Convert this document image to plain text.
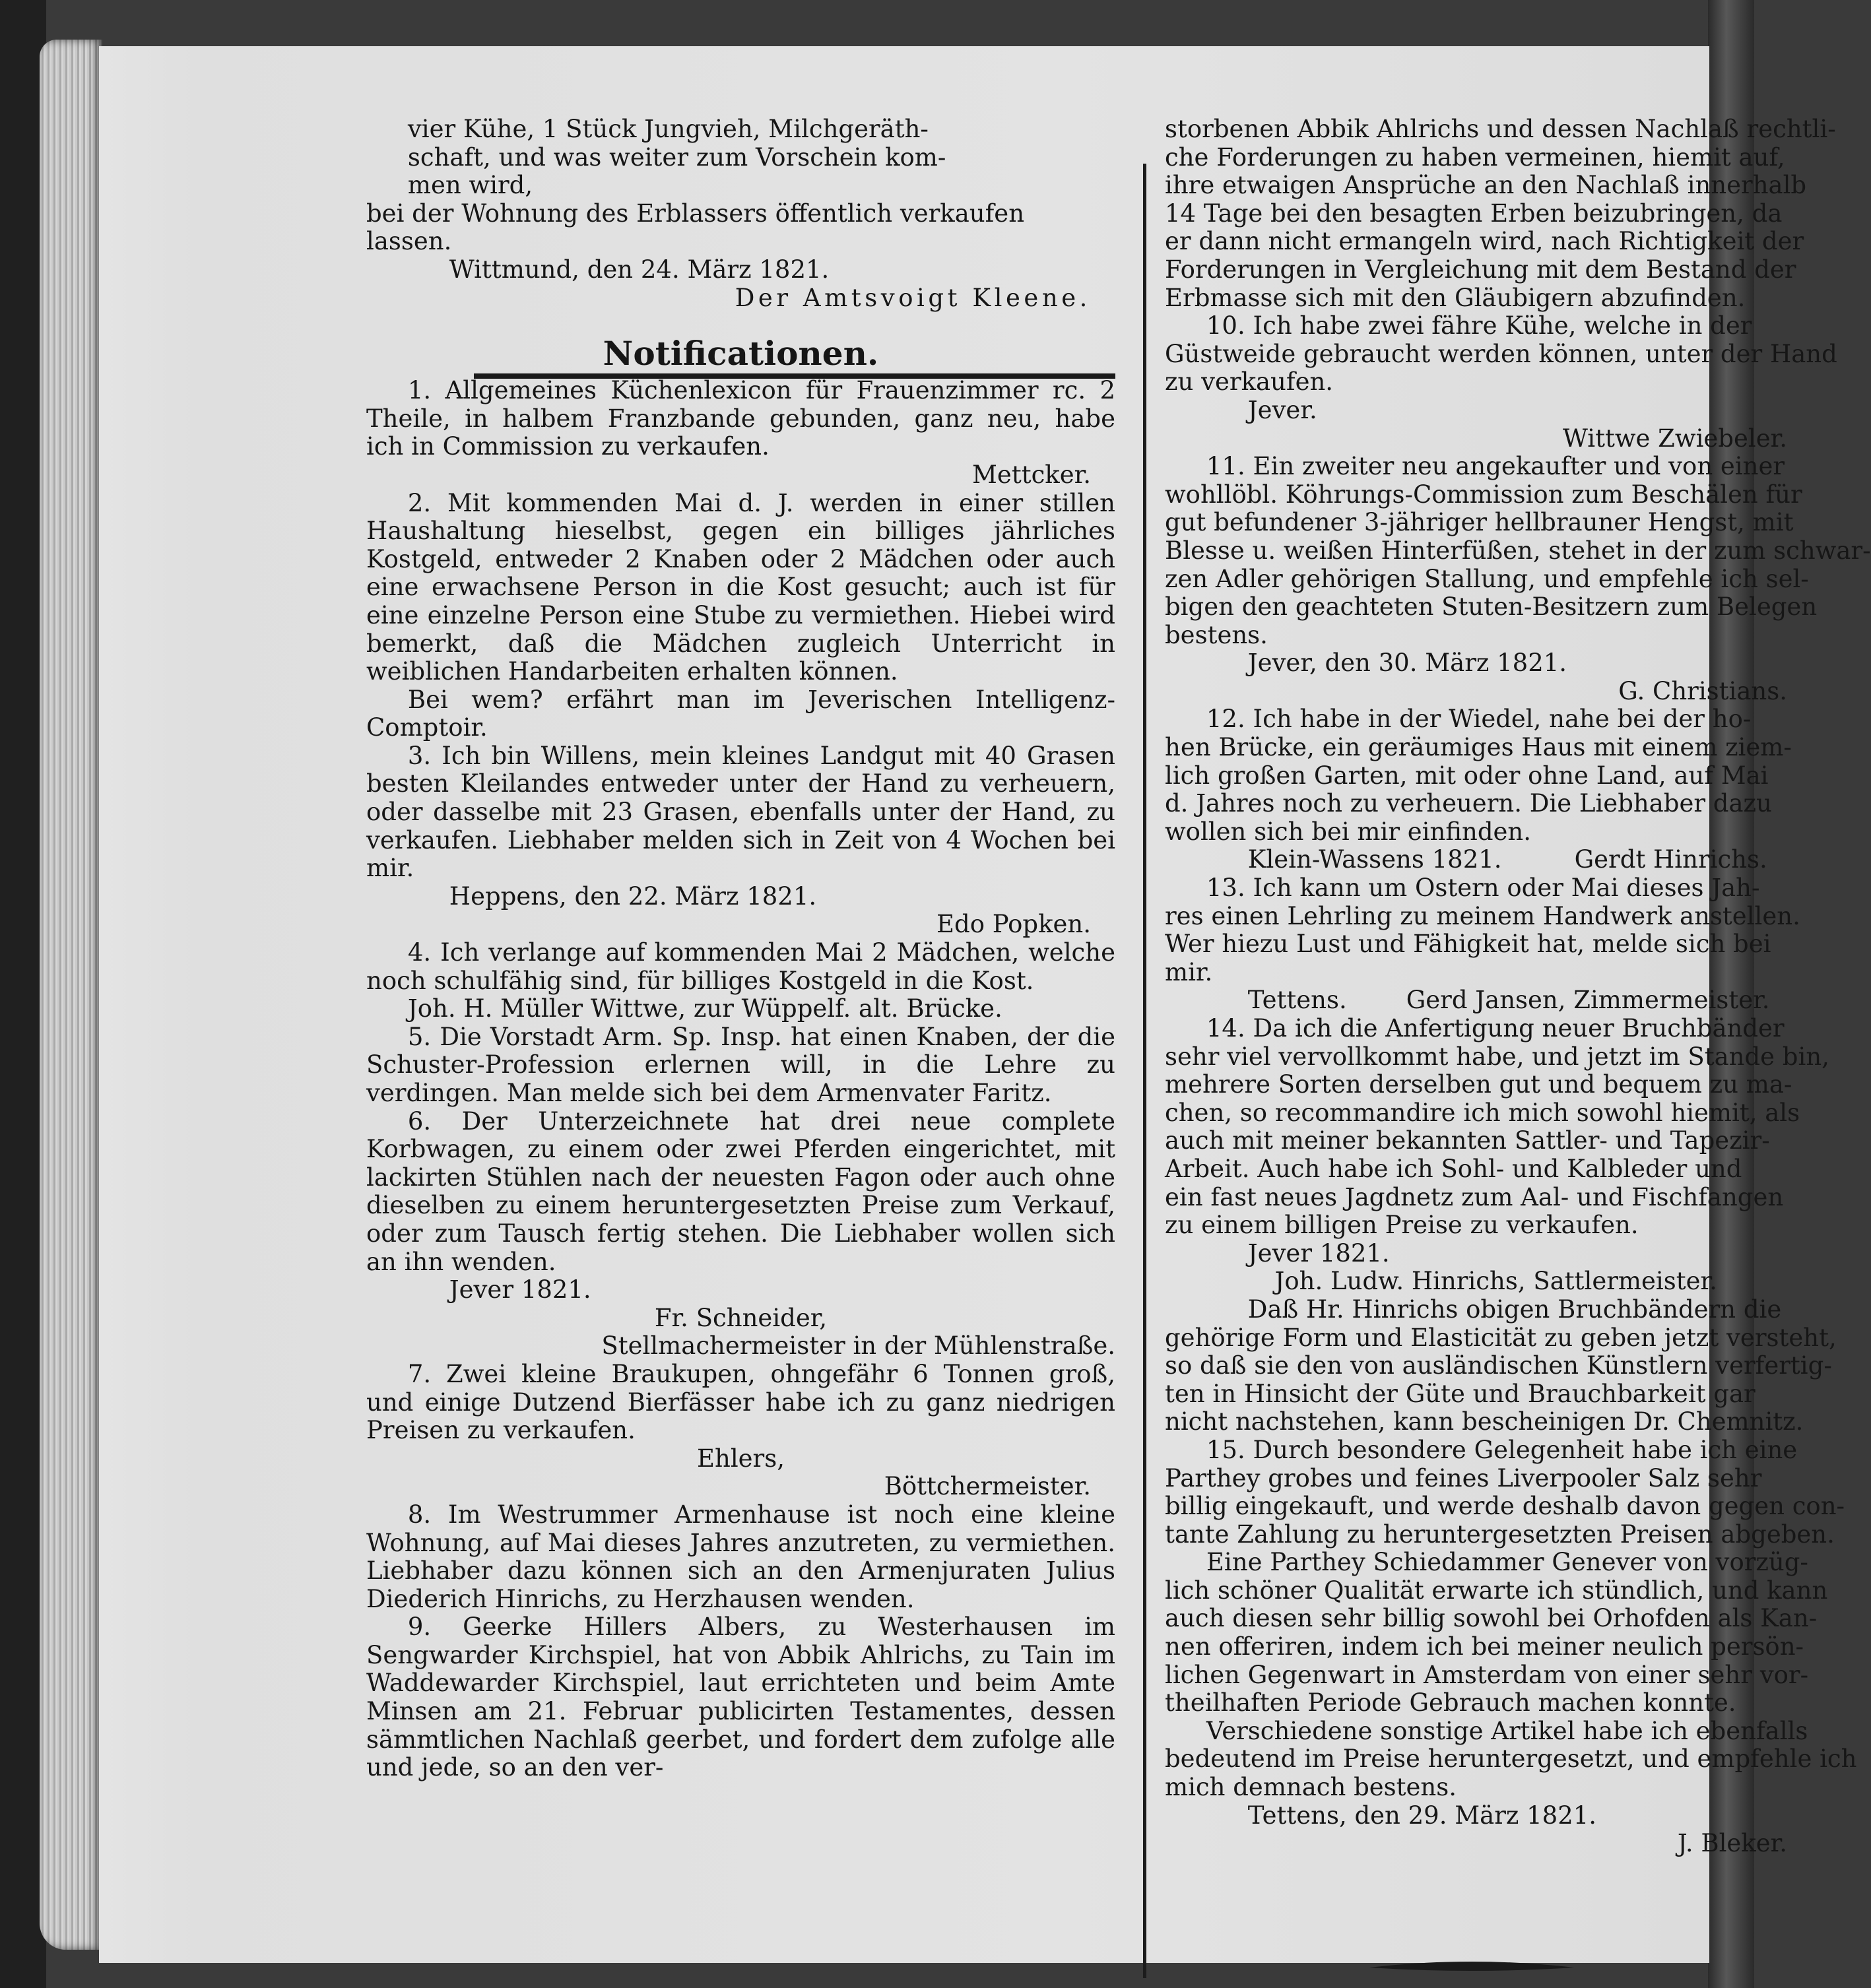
vier Kühe, 1 Stück Jungvieh, Milchgeräth-

schaft, und was weiter zum Vorschein kom-

men wird,

bei der Wohnung des Erblassers öffentlich verkaufen

lassen.

Wittmund, den 24. März 1821.

Der Amtsvoigt Kleene.

Notificationen.

1. Allgemeines Küchenlexicon für Frauenzimmer rc. 2 Theile, in halbem Franzbande gebunden, ganz neu, habe ich in Commission zu verkaufen.

Mettcker.

2. Mit kommenden Mai d. J. werden in einer stillen Haushaltung hieselbst, gegen ein billiges jährliches Kostgeld, entweder 2 Knaben oder 2 Mädchen oder auch eine erwachsene Person in die Kost gesucht; auch ist für eine einzelne Person eine Stube zu vermiethen. Hiebei wird bemerkt, daß die Mädchen zugleich Unterricht in weiblichen Handarbeiten erhalten können.

Bei wem? erfährt man im Jeverischen Intelligenz-Comptoir.

3. Ich bin Willens, mein kleines Landgut mit 40 Grasen besten Kleilandes entweder unter der Hand zu verheuern, oder dasselbe mit 23 Grasen, ebenfalls unter der Hand, zu verkaufen. Liebhaber melden sich in Zeit von 4 Wochen bei mir.

Heppens, den 22. März 1821.

Edo Popken.

4. Ich verlange auf kommenden Mai 2 Mädchen, welche noch schulfähig sind, für billiges Kostgeld in die Kost.

Joh. H. Müller Wittwe, zur Wüppelf. alt. Brücke.

5. Die Vorstadt Arm. Sp. Insp. hat einen Knaben, der die Schuster-Profession erlernen will, in die Lehre zu verdingen. Man melde sich bei dem Armenvater Faritz.

6. Der Unterzeichnete hat drei neue complete Korbwagen, zu einem oder zwei Pferden eingerichtet, mit lackirten Stühlen nach der neuesten Fagon oder auch ohne dieselben zu einem heruntergesetzten Preise zum Verkauf, oder zum Tausch fertig stehen. Die Liebhaber wollen sich an ihn wenden.

Jever 1821.

Fr. Schneider,

Stellmachermeister in der Mühlenstraße.

7. Zwei kleine Braukupen, ohngefähr 6 Tonnen groß, und einige Dutzend Bierfässer habe ich zu ganz niedrigen Preisen zu verkaufen.

Ehlers,

Böttchermeister.

8. Im Westrummer Armenhause ist noch eine kleine Wohnung, auf Mai dieses Jahres anzutreten, zu vermiethen. Liebhaber dazu können sich an den Armenjuraten Julius Diederich Hinrichs, zu Herzhausen wenden.

9. Geerke Hillers Albers, zu Westerhausen im Sengwarder Kirchspiel, hat von Abbik Ahlrichs, zu Tain im Waddewarder Kirchspiel, laut errichteten und beim Amte Minsen am 21. Februar publicirten Testamentes, dessen sämmtlichen Nachlaß geerbet, und fordert dem zufolge alle und jede, so an den ver-

storbenen Abbik Ahlrichs und dessen Nachlaß rechtli-

che Forderungen zu haben vermeinen, hiemit auf,

ihre etwaigen Ansprüche an den Nachlaß innerhalb

14 Tage bei den besagten Erben beizubringen, da

er dann nicht ermangeln wird, nach Richtigkeit der

Forderungen in Vergleichung mit dem Bestand der

Erbmasse sich mit den Gläubigern abzufinden.

10. Ich habe zwei fähre Kühe, welche in der

Güstweide gebraucht werden können, unter der Hand

zu verkaufen.

Jever.

Wittwe Zwiebeler.

11. Ein zweiter neu angekaufter und von einer

wohllöbl. Köhrungs-Commission zum Beschälen für

gut befundener 3-jähriger hellbrauner Hengst, mit

Blesse u. weißen Hinterfüßen, stehet in der zum schwar-

zen Adler gehörigen Stallung, und empfehle ich sel-

bigen den geachteten Stuten-Besitzern zum Belegen

bestens.

Jever, den 30. März 1821.

G. Christians.

12. Ich habe in der Wiedel, nahe bei der ho-

hen Brücke, ein geräumiges Haus mit einem ziem-

lich großen Garten, mit oder ohne Land, auf Mai

d. Jahres noch zu verheuern. Die Liebhaber dazu

wollen sich bei mir einfinden.

Klein-Wassens 1821.	Gerdt Hinrichs.

13. Ich kann um Ostern oder Mai dieses Jah-

res einen Lehrling zu meinem Handwerk anstellen.

Wer hiezu Lust und Fähigkeit hat, melde sich bei

mir.

Tettens. Gerd Jansen, Zimmermeister.

14. Da ich die Anfertigung neuer Bruchbänder

sehr viel vervollkommt habe, und jetzt im Stande bin,

mehrere Sorten derselben gut und bequem zu ma-

chen, so recommandire ich mich sowohl hiemit, als

auch mit meiner bekannten Sattler- und Tapezir-

Arbeit. Auch habe ich Sohl- und Kalbleder und

ein fast neues Jagdnetz zum Aal- und Fischfangen

zu einem billigen Preise zu verkaufen.

Jever 1821.

Joh. Ludw. Hinrichs, Sattlermeister.

Daß Hr. Hinrichs obigen Bruchbändern die

gehörige Form und Elasticität zu geben jetzt versteht,

so daß sie den von ausländischen Künstlern verfertig-

ten in Hinsicht der Güte und Brauchbarkeit gar

nicht nachstehen, kann bescheinigen Dr. Chemnitz.

15. Durch besondere Gelegenheit habe ich eine

Parthey grobes und feines Liverpooler Salz sehr

billig eingekauft, und werde deshalb davon gegen con-

tante Zahlung zu heruntergesetzten Preisen abgeben.

Eine Parthey Schiedammer Genever von vorzüg-

lich schöner Qualität erwarte ich stündlich, und kann

auch diesen sehr billig sowohl bei Orhofden als Kan-

nen offeriren, indem ich bei meiner neulich persön-

lichen Gegenwart in Amsterdam von einer sehr vor-

theilhaften Periode Gebrauch machen konnte.

Verschiedene sonstige Artikel habe ich ebenfalls

bedeutend im Preise heruntergesetzt, und empfehle ich

mich demnach bestens.

Tettens, den 29. März 1821.

J. Bleker.
